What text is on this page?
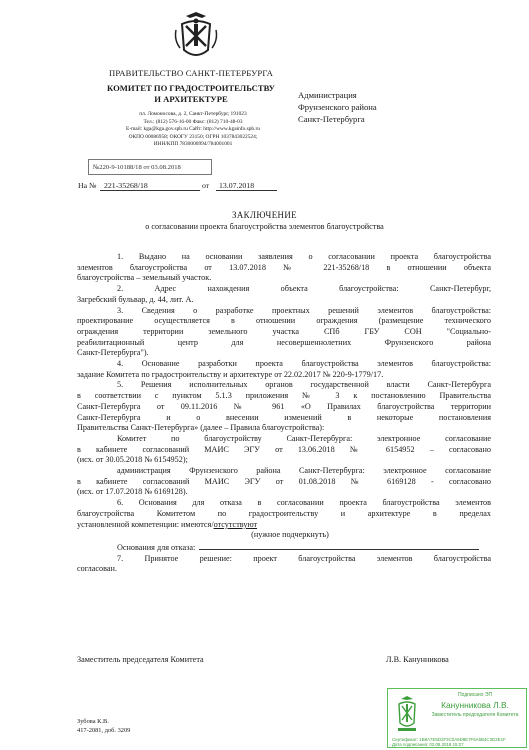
ПРАВИТЕЛЬСТВО САНКТ-ПЕТЕРБУРГА
КОМИТЕТ ПО ГРАДОСТРОИТЕЛЬСТВУ
И АРХИТЕКТУРЕ
пл. Ломоносова, д. 2, Санкт-Петербург, 191023
Тел.: (812) 576-16-00 Факс: (812) 710-48-03
E-mail: kga@kga.gov.spb.ru Сайт: http://www.kgainfo.spb.ru
ОКПО 00086958; ОКОГУ 23150; ОГРН 1037843022524;
ИНН/КПП 7830000994/784001001
№220-9-10188/18 от 03.08.2018
На № 221-35268/18	от	13.07.2018
Администрация
Фрунзенского района
Санкт-Петербурга
ЗАКЛЮЧЕНИЕ
о согласовании проекта благоустройства элементов благоустройства

1. Выдано на основании заявления о согласовании проекта благоустройства

элементов благоустройства от 13.07.2018 № 221-35268/18 в отношении объекта

благоустройства – земельный участок.

2. Адрес нахождения объекта благоустройства: Санкт-Петербург,

Загребский бульвар, д. 44, лит. А.

3. Сведения о разработке проектных решений элементов благоустройства:

проектирование осуществляется в отношении ограждения (размещение технического

ограждения территории земельного участка СПб ГБУ СОН "Социально-

реабилитационный центр для несовершеннолетних Фрунзенского района

Санкт-Петербурга").

4. Основание разработки проекта благоустройства элементов благоустройства:

задание Комитета по градостроительству и архитектуре от 22.02.2017 № 220-9-1779/17.

5. Решения исполнительных органов государственной власти Санкт-Петербурга

в соответствии с пунктом 5.1.3 приложения № 3 к постановлению Правительства

Санкт-Петербурга от 09.11.2016 № 961 «О Правилах благоустройства территории

Санкт-Петербурга и о внесении изменений в некоторые постановления

Правительства Санкт-Петербурга» (далее – Правила благоустройства):

Комитет по благоустройству Санкт-Петербурга: электронное согласование

в кабинете согласований МАИС ЭГУ от 13.06.2018 № 6154952 – согласовано

(исх. от 30.05.2018 № 6154952);

администрация Фрунзенского района Санкт-Петербурга: электронное согласование

в кабинете согласований МАИС ЭГУ от 01.08.2018 № 6169128 - согласовано

(исх. от 17.07.2018 № 6169128).

6. Основания для отказа в согласовании проекта благоустройства элементов

благоустройства Комитетом по градостроительству и архитектуре в пределах

установленной компетенции: имеются/отсутствуют

(нужное подчеркнуть)

Основания для отказа:

7. Принятое решение: проект благоустройства элементов благоустройства

согласован.

Заместитель председателя Комитета	Л.В. Канунникова
Зубова К.В.
417-2081, доб. 3209
Подписано ЭП
Канунникова Л.В.
Заместитель председателя Комитета
Сертификат: 1B8A7E5D2F3C0A9D8E7F6A5B4C3D2E1F
Дата подписания: 02.08.2018 15:27
